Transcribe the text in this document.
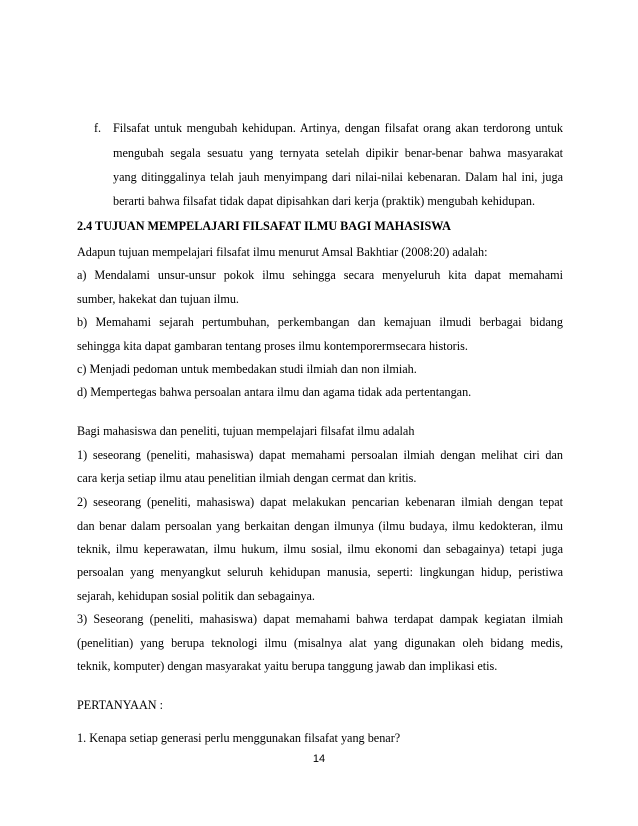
f. Filsafat untuk mengubah kehidupan. Artinya, dengan filsafat orang akan terdorong untuk
mengubah segala sesuatu yang ternyata setelah dipikir benar-benar bahwa masyarakat
yang ditinggalinya telah jauh menyimpang dari nilai-nilai kebenaran. Dalam hal ini, juga
berarti bahwa filsafat tidak dapat dipisahkan dari kerja (praktik) mengubah kehidupan.
2.4 TUJUAN MEMPELAJARI FILSAFAT ILMU BAGI MAHASISWA
Adapun tujuan mempelajari filsafat ilmu menurut Amsal Bakhtiar (2008:20) adalah:
a) Mendalami unsur-unsur pokok ilmu sehingga secara menyeluruh kita dapat memahami
sumber, hakekat dan tujuan ilmu.
b) Memahami sejarah pertumbuhan, perkembangan dan kemajuan ilmudi berbagai bidang
sehingga kita dapat gambaran tentang proses ilmu kontemporermsecara historis.
c) Menjadi pedoman untuk membedakan studi ilmiah dan non ilmiah.
d) Mempertegas bahwa persoalan antara ilmu dan agama tidak ada pertentangan.
Bagi mahasiswa dan peneliti, tujuan mempelajari filsafat ilmu adalah
1) seseorang (peneliti, mahasiswa) dapat memahami persoalan ilmiah dengan melihat ciri dan
cara kerja setiap ilmu atau penelitian ilmiah dengan cermat dan kritis.
2) seseorang (peneliti, mahasiswa) dapat melakukan pencarian kebenaran ilmiah dengan tepat
dan benar dalam persoalan yang berkaitan dengan ilmunya (ilmu budaya, ilmu kedokteran, ilmu
teknik, ilmu keperawatan, ilmu hukum, ilmu sosial, ilmu ekonomi dan sebagainya) tetapi juga
persoalan yang menyangkut seluruh kehidupan manusia, seperti: lingkungan hidup, peristiwa
sejarah, kehidupan sosial politik dan sebagainya.
3) Seseorang (peneliti, mahasiswa) dapat memahami bahwa terdapat dampak kegiatan ilmiah
(penelitian) yang berupa teknologi ilmu (misalnya alat yang digunakan oleh bidang medis,
teknik, komputer) dengan masyarakat yaitu berupa tanggung jawab dan implikasi etis.
PERTANYAAN :
1. Kenapa setiap generasi perlu menggunakan filsafat yang benar?
14
